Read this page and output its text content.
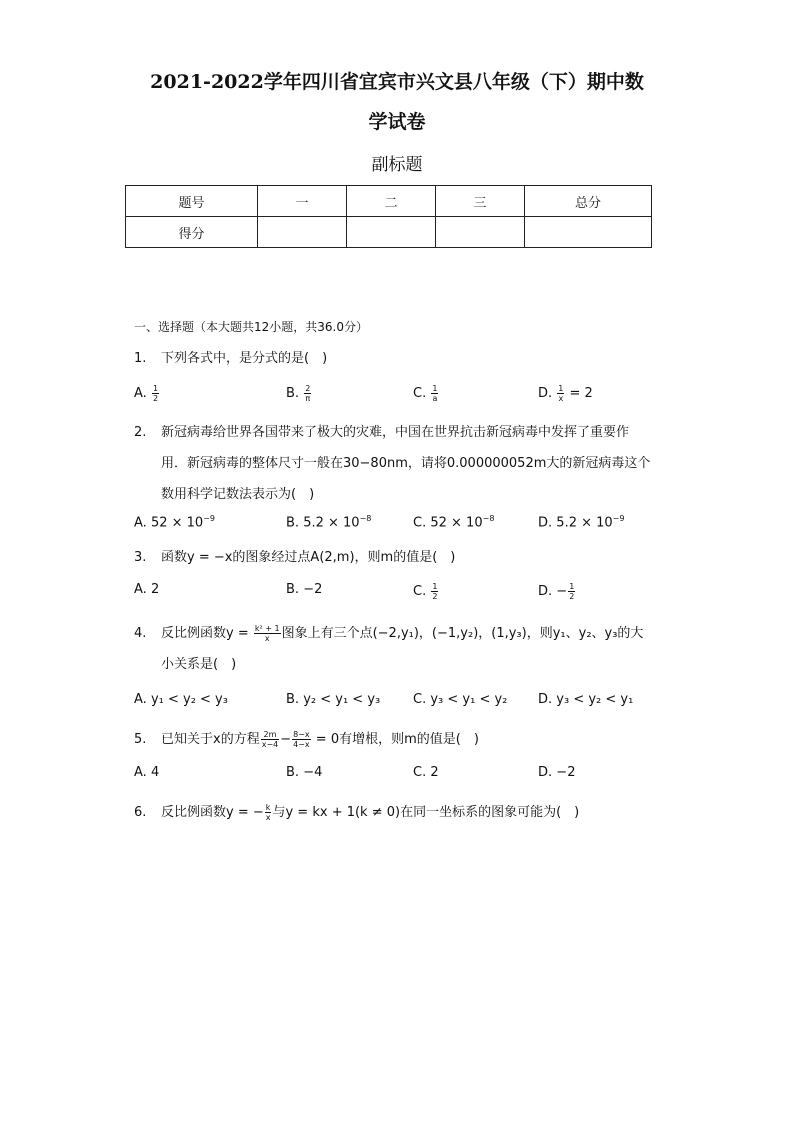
2021-2022学年四川省宜宾市兴文县八年级（下）期中数
学试卷
副标题
题号	一	二	三	总分
得分				
一、选择题（本大题共12小题，共36.0分）
1. 下列各式中，是分式的是(　)
A. $\frac{1}{2}$	B. $\frac{2}{\pi}$	C. $\frac{1}{a}$	D. $\frac{1}{x} = 2$
2. 新冠病毒给世界各国带来了极大的灾难，中国在世界抗击新冠病毒中发挥了重要作
用．新冠病毒的整体尺寸一般在30−80nm，请将0.000000052m大的新冠病毒这个
数用科学记数法表示为(　)
A. $52 \times 10^{-9}$	B. $5.2 \times 10^{-8}$	C. $52 \times 10^{-8}$	D. $5.2 \times 10^{-9}$
3. 函数y = −x的图象经过点A(2,m)，则m的值是(　)
A. 2	B. −2	C. $\frac{1}{2}$	D. − $\frac{1}{2}$
4. 反比例函数$y = \frac{\text{k² + 1}}{x}$ 图象上有三个点(−2,y₁)，(−1,y₂)，(1,y₃)，则y₁、y₂、y₃的大
小关系是(　)
A. y₁ < y₂ < y₃	B. y₂ < y₁ < y₃	C. y₃ < y₁ < y₂ D. y₃ < y₂ < y₁
5. 已知关于x的方程 $\frac{2m}{x-4} - \frac{8-x}{4-x} = 0$有增根，则m的值是(　)
A. 4	B. −4	C. 2	D. −2
6. 反比例函数y = − $\frac{k}{x}$ 与y = kx + 1(k ≠ 0)在同一坐标系的图象可能为(　)
